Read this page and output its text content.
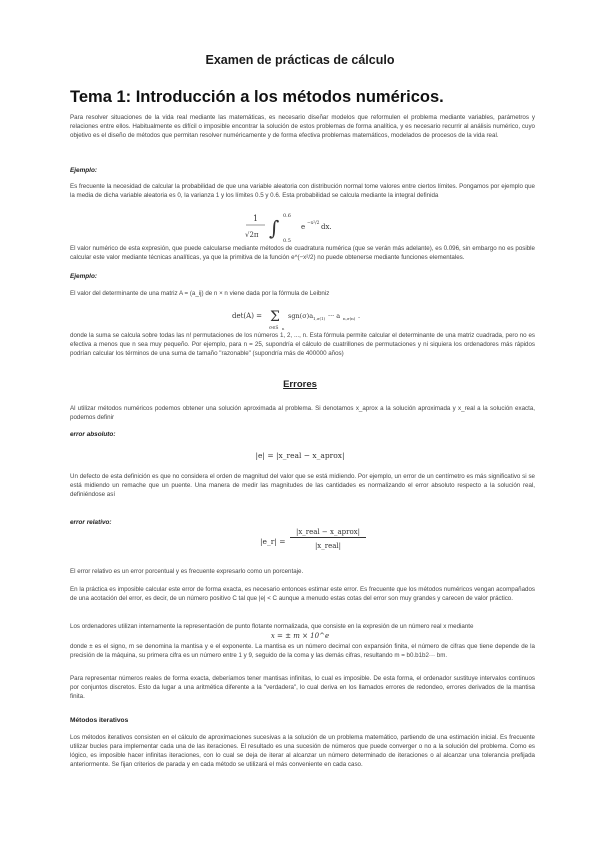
Examen de prácticas de cálculo
Tema 1: Introducción a los métodos numéricos.
Para resolver situaciones de la vida real mediante las matemáticas, es necesario diseñar modelos que reformulen el problema mediante variables, parámetros y relaciones entre ellos. Habitualmente es difícil o imposible encontrar la solución de estos problemas de forma analítica, y es necesario recurrir al análisis numérico, cuyo objetivo es el diseño de métodos que permitan resolver numéricamente y de forma efectiva problemas matemáticos, modelados de procesos de la vida real.
Ejemplo:
Es frecuente la necesidad de calcular la probabilidad de que una variable aleatoria con distribución normal tome valores entre ciertos límites. Pongamos por ejemplo que la media de dicha variable aleatoria es 0, la varianza 1 y los límites 0.5 y 0.6. Esta probabilidad se calcula mediante la integral definida
1
√2π ∫
0.5
0.6
e −x²/2 dx.
El valor numérico de esta expresión, que puede calcularse mediante métodos de cuadratura numérica (que se verán más adelante), es 0.096, sin embargo no es posible calcular este valor mediante técnicas analíticas, ya que la primitiva de la función e^(−x²/2) no puede obtenerse mediante funciones elementales.
Ejemplo:
El valor del determinante de una matriz A = (a_ij) de n × n viene dada por la fórmula de Leibniz
det(A) = Σ
σ∈S n
sgn(σ)a 1,σ(1) ··· a n,σ(n) .
donde la suma se calcula sobre todas las n! permutaciones de los números 1, 2, ..., n. Esta fórmula permite calcular el determinante de una matriz cuadrada, pero no es efectiva a menos que n sea muy pequeño. Por ejemplo, para n = 25, supondría el cálculo de cuatrillones de permutaciones y ni siquiera los ordenadores más rápidos podrían calcular los términos de una suma de tamaño "razonable" (supondría más de 400000 años)
Errores
Al utilizar métodos numéricos podemos obtener una solución aproximada al problema. Si denotamos x_aprox a la solución aproximada y x_real a la solución exacta, podemos definir
error absoluto:
|e| = |x_real − x_aprox|
Un defecto de esta definición es que no considera el orden de magnitud del valor que se está midiendo. Por ejemplo, un error de un centímetro es más significativo si se está midiendo un remache que un puente. Una manera de medir las magnitudes de las cantidades es normalizando el error absoluto respecto a la solución real, definiéndose así
error relativo:
|e_r| =
|x_real − x_aprox|
|x_real|
El error relativo es un error porcentual y es frecuente expresarlo como un porcentaje.
En la práctica es imposible calcular este error de forma exacta, es necesario entonces estimar este error. Es frecuente que los métodos numéricos vengan acompañados de una acotación del error, es decir, de un número positivo C tal que |e| < C aunque a menudo estas cotas del error son muy grandes y carecen de valor práctico.
Los ordenadores utilizan internamente la representación de punto flotante normalizada, que consiste en la expresión de un número real x mediante
x = ± m × 10^e
donde ± es el signo, m se denomina la mantisa y e el exponente. La mantisa es un número decimal con expansión finita, el número de cifras que tiene depende de la precisión de la máquina, su primera cifra es un número entre 1 y 9, seguido de la coma y las demás cifras, resultando m = b0.b1b2··· bm.
Para representar números reales de forma exacta, deberíamos tener mantisas infinitas, lo cual es imposible. De esta forma, el ordenador sustituye intervalos continuos por conjuntos discretos. Esto da lugar a una aritmética diferente a la "verdadera", lo cual deriva en los llamados errores de redondeo, errores derivados de la mantisa finita.
Métodos iterativos
Los métodos iterativos consisten en el cálculo de aproximaciones sucesivas a la solución de un problema matemático, partiendo de una estimación inicial. Es frecuente utilizar bucles para implementar cada una de las iteraciones. El resultado es una sucesión de números que puede converger o no a la solución del problema. Como es lógico, es imposible hacer infinitas iteraciones, con lo cual se deja de iterar al alcanzar un número determinado de iteraciones o al alcanzar una tolerancia prefijada anteriormente. Se fijan criterios de parada y en cada método se utilizará el más conveniente en cada caso.
